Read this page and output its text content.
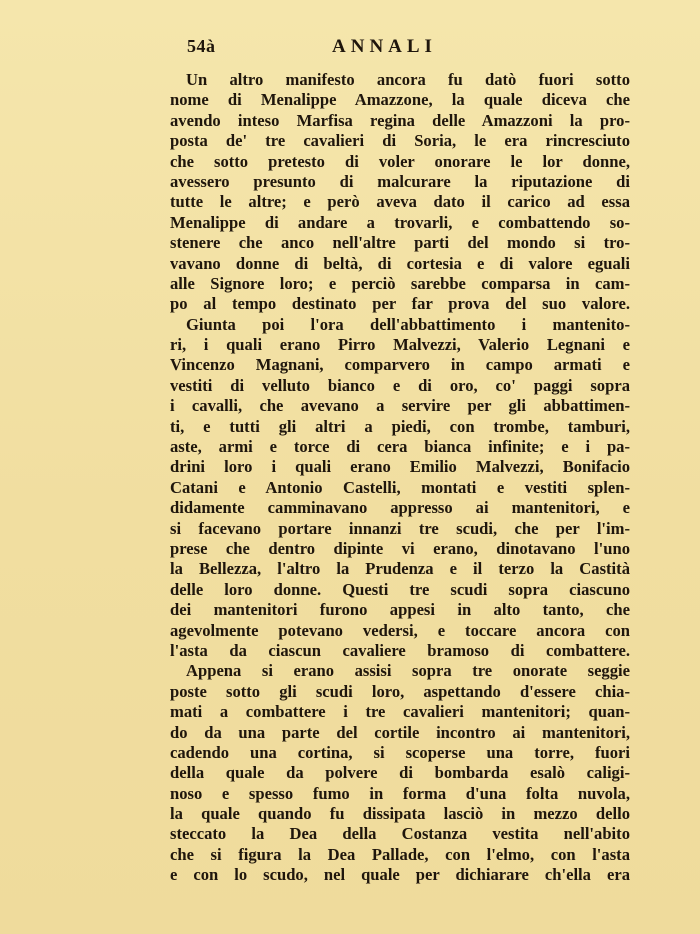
54à	ANNALI
Un altro manifesto ancora fu datò fuori sotto
nome di Menalippe Amazzone, la quale diceva che
avendo inteso Marfisa regina delle Amazzoni la pro-
posta de' tre cavalieri di Soria, le era rincresciuto
che sotto pretesto di voler onorare le lor donne,
avessero presunto di malcurare la riputazione di
tutte le altre; e però aveva dato il carico ad essa
Menalippe di andare a trovarli, e combattendo so-
stenere che anco nell'altre parti del mondo si tro-
vavano donne di beltà, di cortesia e di valore eguali
alle Signore loro; e perciò sarebbe comparsa in cam-
po al tempo destinato per far prova del suo valore.
Giunta poi l'ora dell'abbattimento i mantenito-
ri, i quali erano Pirro Malvezzi, Valerio Legnani e
Vincenzo Magnani, comparvero in campo armati e
vestiti di velluto bianco e di oro, co' paggi sopra
i cavalli, che avevano a servire per gli abbattimen-
ti, e tutti gli altri a piedi, con trombe, tamburi,
aste, armi e torce di cera bianca infinite; e i pa-
drini loro i quali erano Emilio Malvezzi, Bonifacio
Catani e Antonio Castelli, montati e vestiti splen-
didamente camminavano appresso ai mantenitori, e
si facevano portare innanzi tre scudi, che per l'im-
prese che dentro dipinte vi erano, dinotavano l'uno
la Bellezza, l'altro la Prudenza e il terzo la Castità
delle loro donne. Questi tre scudi sopra ciascuno
dei mantenitori furono appesi in alto tanto, che
agevolmente potevano vedersi, e toccare ancora con
l'asta da ciascun cavaliere bramoso di combattere.
Appena si erano assisi sopra tre onorate seggie
poste sotto gli scudi loro, aspettando d'essere chia-
mati a combattere i tre cavalieri mantenitori; quan-
do da una parte del cortile incontro ai mantenitori,
cadendo una cortina, si scoperse una torre, fuori
della quale da polvere di bombarda esalò caligi-
noso e spesso fumo in forma d'una folta nuvola,
la quale quando fu dissipata lasciò in mezzo dello
steccato la Dea della Costanza vestita nell'abito
che si figura la Dea Pallade, con l'elmo, con l'asta
e con lo scudo, nel quale per dichiarare ch'ella era
